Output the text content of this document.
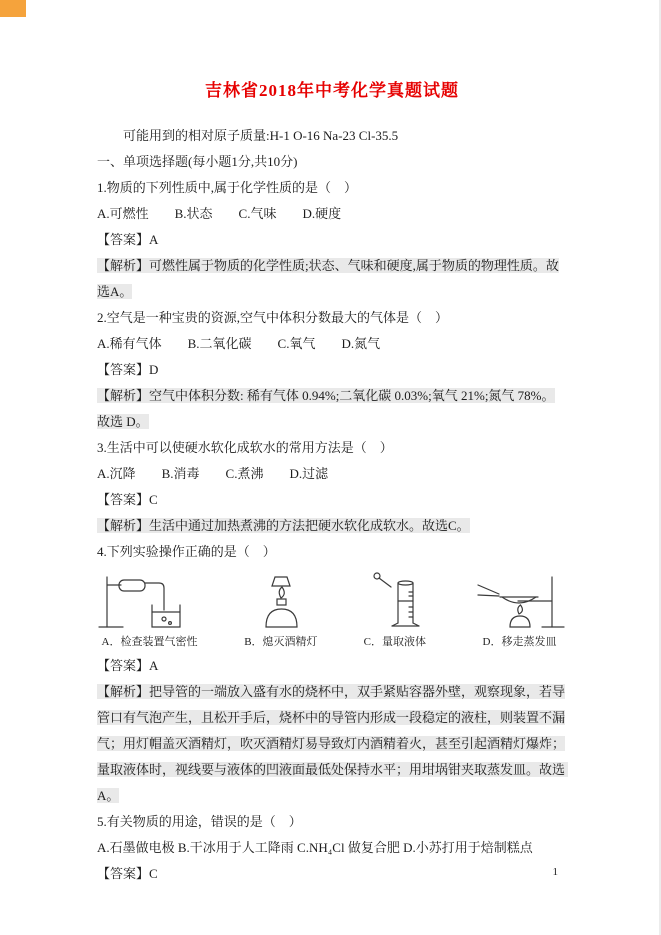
吉林省2018年中考化学真题试题

可能用到的相对原子质量:H-1 O-16 Na-23 Cl-35.5

一、单项选择题(每小题1分,共10分)

1.物质的下列性质中,属于化学性质的是（　）

A.可燃性　　B.状态　　C.气味　　D.硬度

【答案】A

【解析】可燃性属于物质的化学性质;状态、气味和硬度,属于物质的物理性质。故选A。

2.空气是一种宝贵的资源,空气中体积分数最大的气体是（　）

A.稀有气体　　B.二氧化碳　　C.氧气　　D.氮气

【答案】D

【解析】空气中体积分数: 稀有气体 0.94%;二氧化碳 0.03%;氧气 21%;氮气 78%。故选 D。

3.生活中可以使硬水软化成软水的常用方法是（　）

A.沉降　　B.消毒　　C.煮沸　　D.过滤

【答案】C

【解析】生活中通过加热煮沸的方法把硬水软化成软水。故选C。

4.下列实验操作正确的是（　）

A．检查装置气密性	B．熄灭酒精灯	C．量取液体	D．移走蒸发皿

【答案】A

【解析】把导管的一端放入盛有水的烧杯中，双手紧贴容器外壁，观察现象，若导管口有气泡产生，且松开手后，烧杯中的导管内形成一段稳定的液柱，则装置不漏气；用灯帽盖灭酒精灯，吹灭酒精灯易导致灯内酒精着火，甚至引起酒精灯爆炸；量取液体时，视线要与液体的凹液面最低处保持水平；用坩埚钳夹取蒸发皿。故选 A。

5.有关物质的用途，错误的是（　）

A.石墨做电极 B.干冰用于人工降雨 C.NH₄Cl 做复合肥 D.小苏打用于焙制糕点

【答案】C	1
